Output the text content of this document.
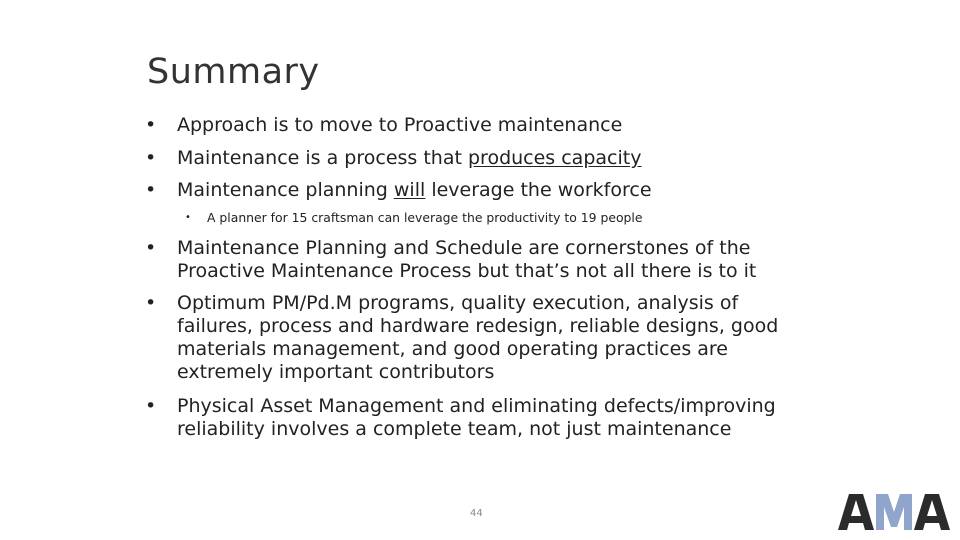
Summary

• Approach is to move to Proactive maintenance

• Maintenance is a process that produces capacity

• Maintenance planning will leverage the workforce

• A planner for 15 craftsman can leverage the productivity to 19 people

• Maintenance Planning and Schedule are cornerstones of the Proactive Maintenance Process but that’s not all there is to it

• Optimum PM/Pd.M programs, quality execution, analysis of failures, process and hardware redesign, reliable designs, good materials management, and good operating practices are extremely important contributors

• Physical Asset Management and eliminating defects/improving reliability involves a complete team, not just maintenance

44
